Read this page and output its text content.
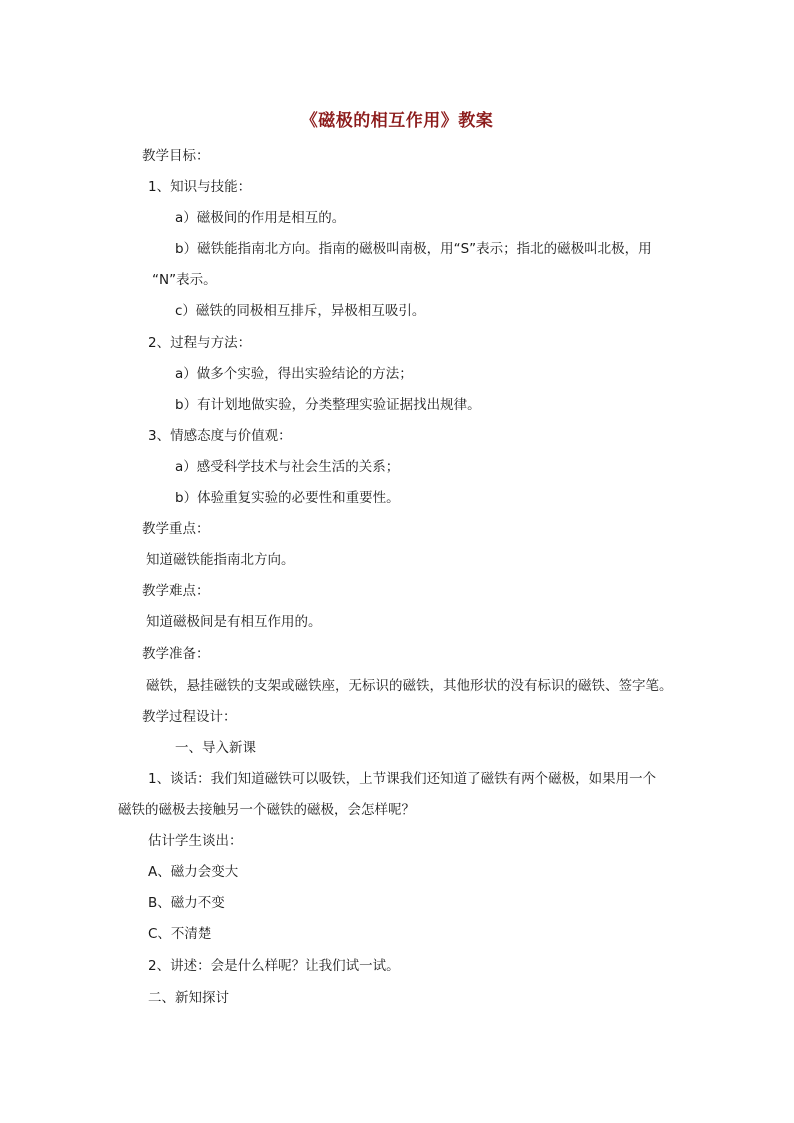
《磁极的相互作用》教案
教学目标：
1、知识与技能：
a）磁极间的作用是相互的。
b）磁铁能指南北方向。指南的磁极叫南极，用“S”表示；指北的磁极叫北极，用
“N”表示。
c）磁铁的同极相互排斥，异极相互吸引。
2、过程与方法：
a）做多个实验，得出实验结论的方法；
b）有计划地做实验，分类整理实验证据找出规律。
3、情感态度与价值观：
a）感受科学技术与社会生活的关系；
b）体验重复实验的必要性和重要性。
教学重点：
知道磁铁能指南北方向。
教学难点：
知道磁极间是有相互作用的。
教学准备：
磁铁，悬挂磁铁的支架或磁铁座，无标识的磁铁，其他形状的没有标识的磁铁、签字笔。
教学过程设计：
一、导入新课
1、谈话：我们知道磁铁可以吸铁，上节课我们还知道了磁铁有两个磁极，如果用一个
磁铁的磁极去接触另一个磁铁的磁极，会怎样呢？
估计学生谈出：
A、磁力会变大
B、磁力不变
C、不清楚
2、讲述：会是什么样呢？让我们试一试。
二、新知探讨
